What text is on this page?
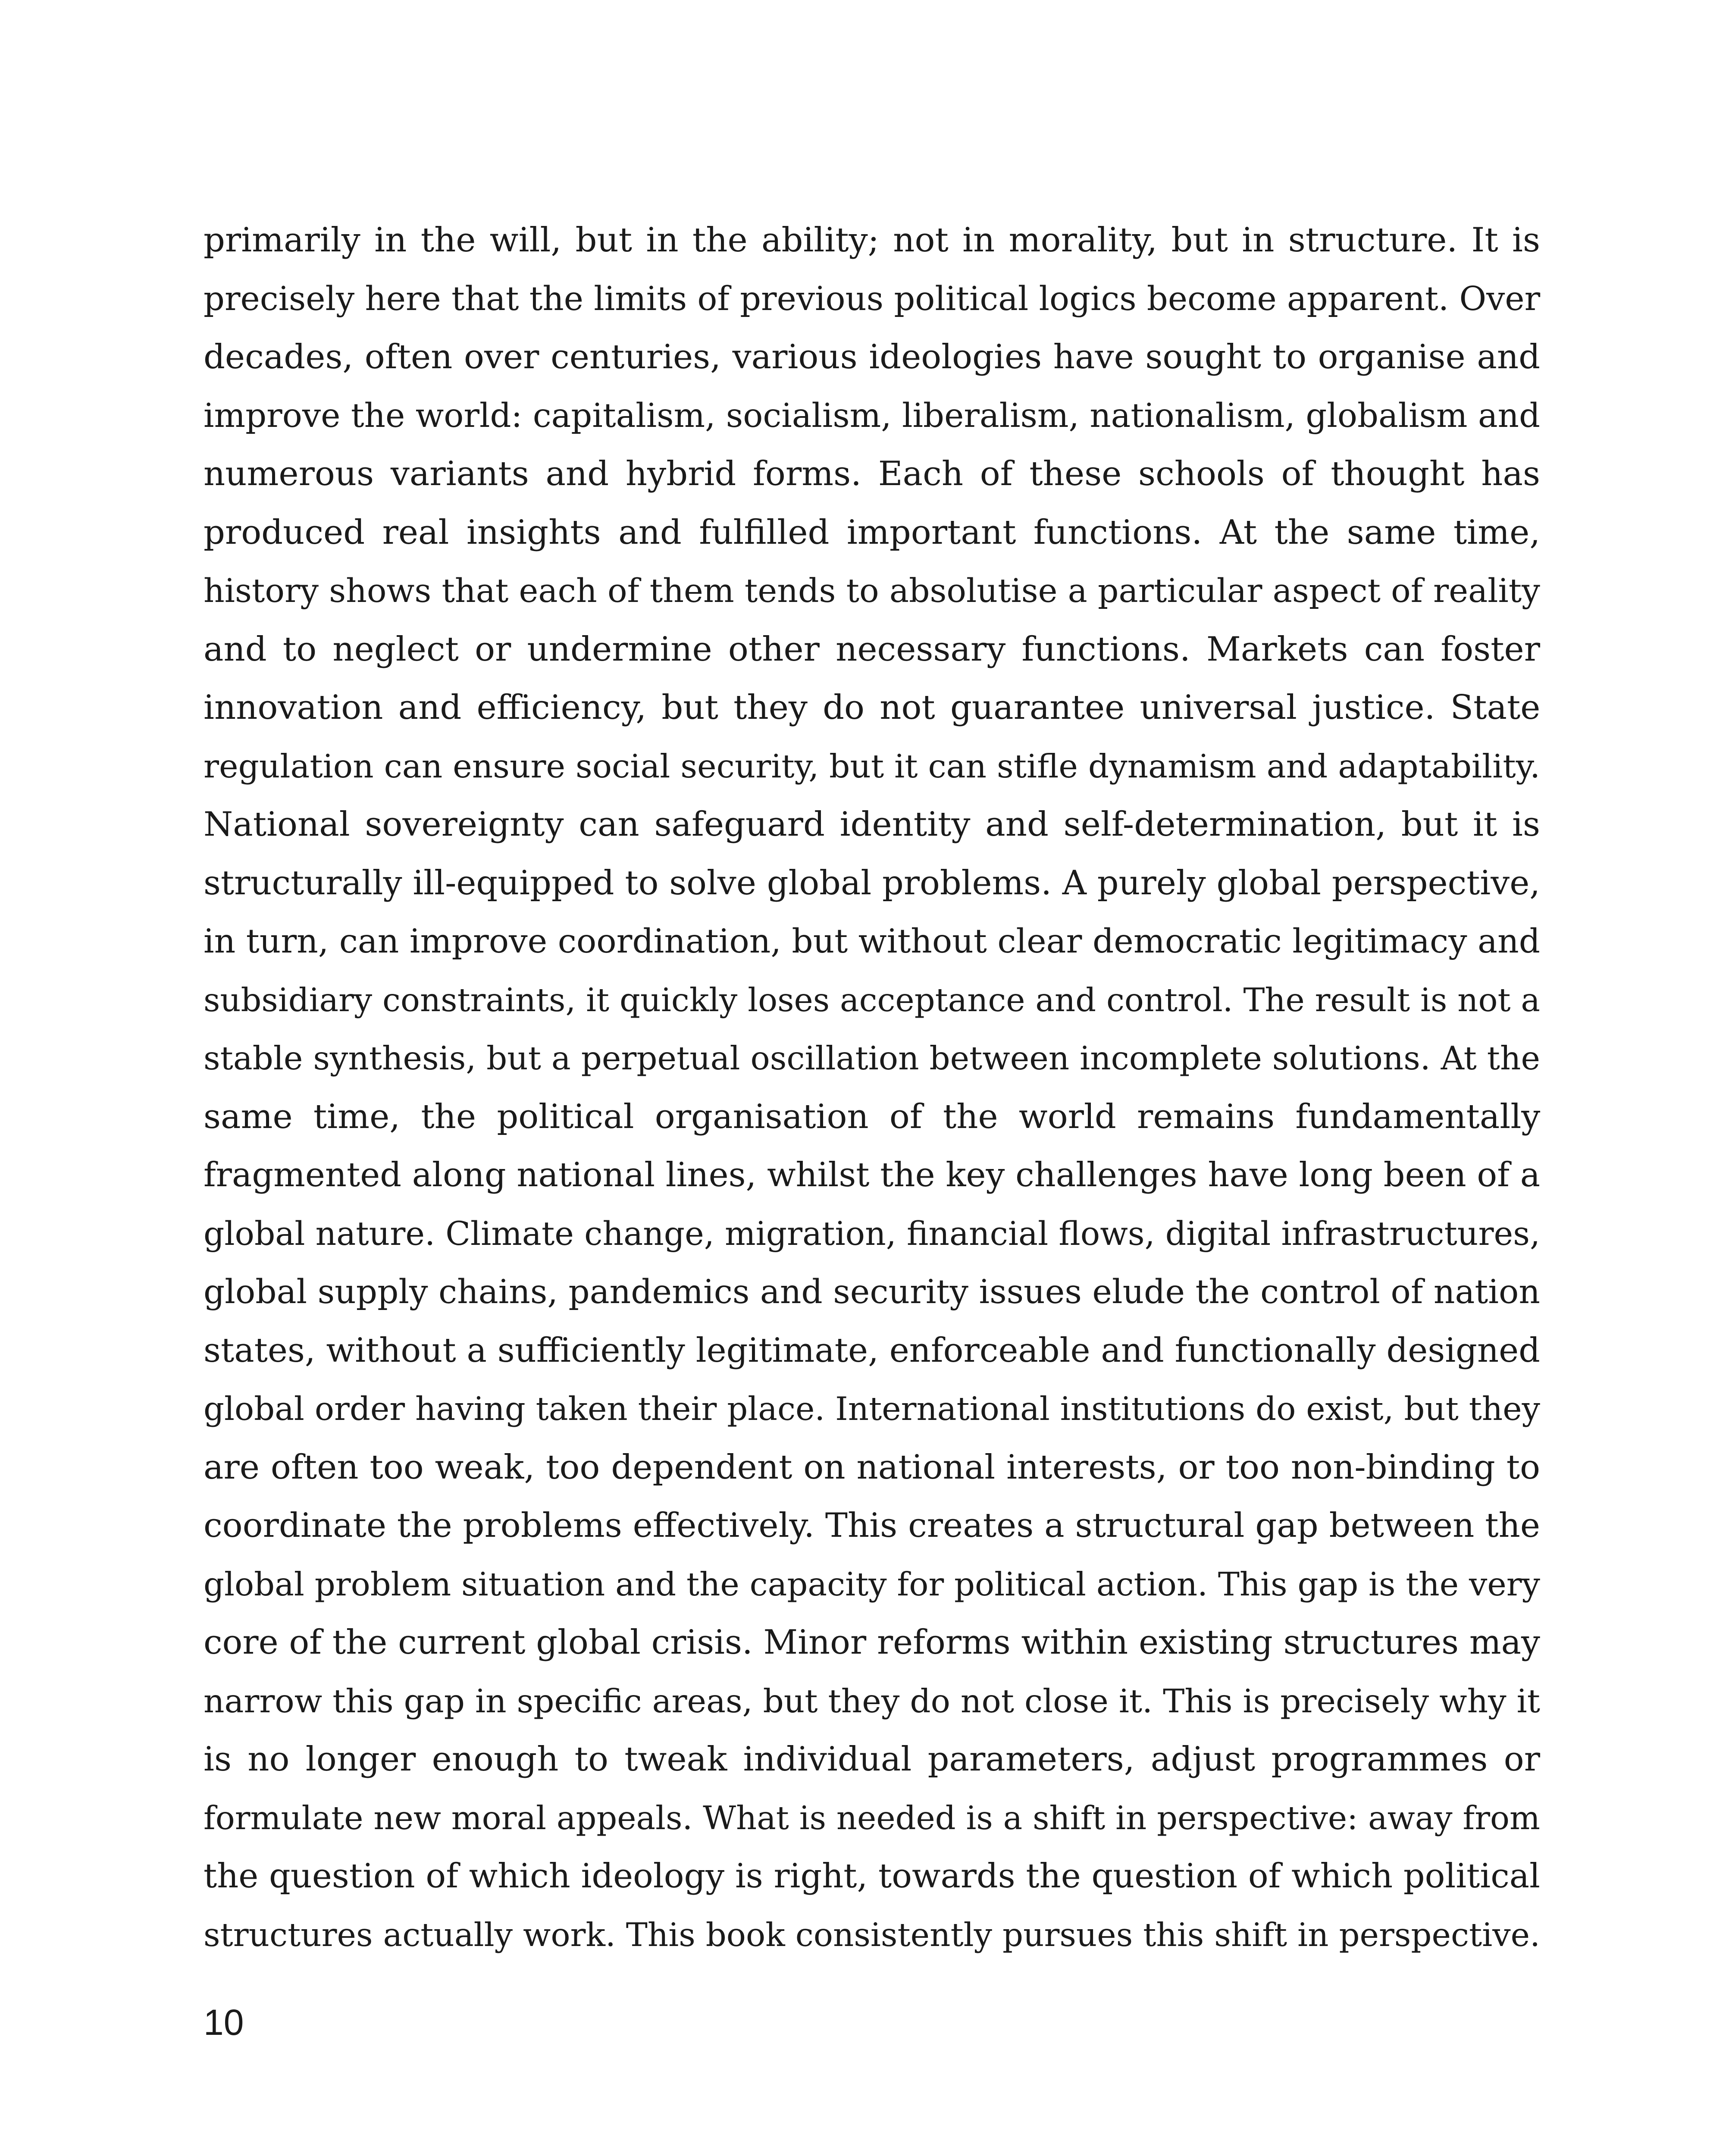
primarily in the will, but in the ability; not in morality, but in structure. It is
precisely here that the limits of previous political logics become apparent. Over
decades, often over centuries, various ideologies have sought to organise and
improve the world: capitalism, socialism, liberalism, nationalism, globalism and
numerous variants and hybrid forms. Each of these schools of thought has
produced real insights and fulfilled important functions. At the same time,
history shows that each of them tends to absolutise a particular aspect of reality
and to neglect or undermine other necessary functions. Markets can foster
innovation and efficiency, but they do not guarantee universal justice. State
regulation can ensure social security, but it can stifle dynamism and adaptability.
National sovereignty can safeguard identity and self-determination, but it is
structurally ill-equipped to solve global problems. A purely global perspective,
in turn, can improve coordination, but without clear democratic legitimacy and
subsidiary constraints, it quickly loses acceptance and control. The result is not a
stable synthesis, but a perpetual oscillation between incomplete solutions. At the
same time, the political organisation of the world remains fundamentally
fragmented along national lines, whilst the key challenges have long been of a
global nature. Climate change, migration, financial flows, digital infrastructures,
global supply chains, pandemics and security issues elude the control of nation
states, without a sufficiently legitimate, enforceable and functionally designed
global order having taken their place. International institutions do exist, but they
are often too weak, too dependent on national interests, or too non-binding to
coordinate the problems effectively. This creates a structural gap between the
global problem situation and the capacity for political action. This gap is the very
core of the current global crisis. Minor reforms within existing structures may
narrow this gap in specific areas, but they do not close it. This is precisely why it
is no longer enough to tweak individual parameters, adjust programmes or
formulate new moral appeals. What is needed is a shift in perspective: away from
the question of which ideology is right, towards the question of which political
structures actually work. This book consistently pursues this shift in perspective.

10
